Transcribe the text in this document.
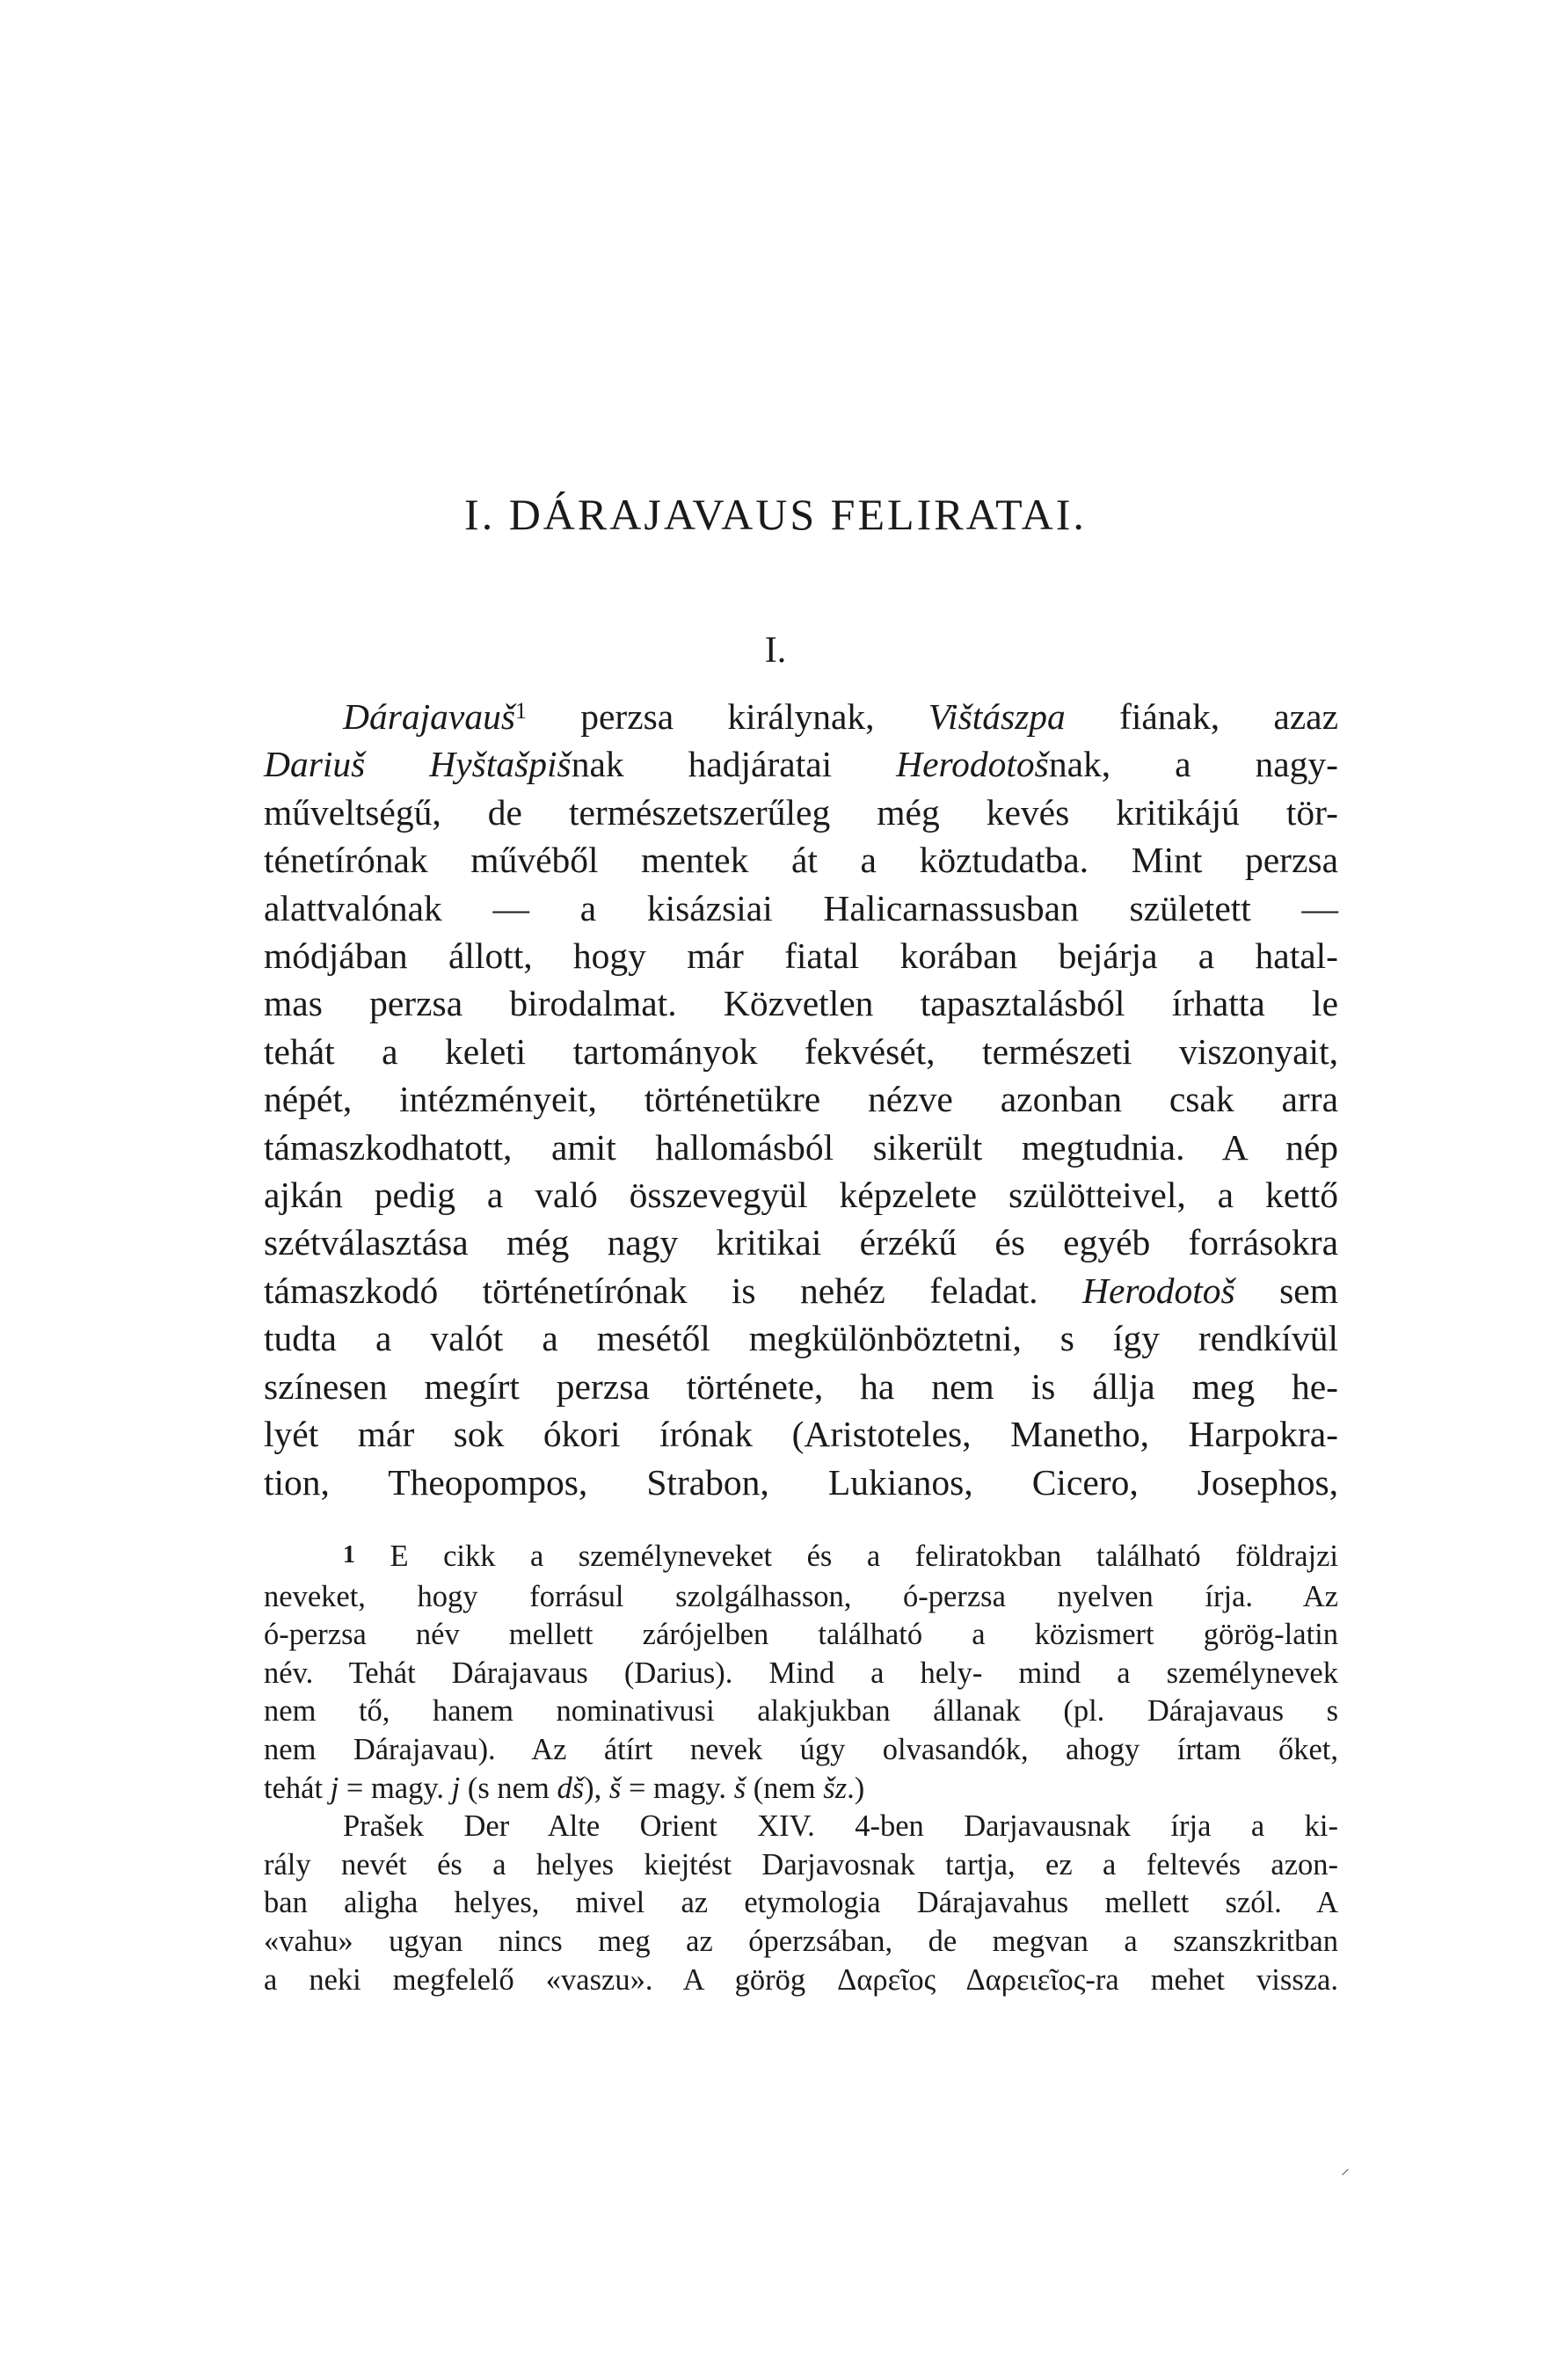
I. DÁRAJAVAUS FELIRATAI.
I.
Dárajavauš$^1$ perzsa királynak, Vištászpa fiának, azaz
Dariuš Hyštašpišnak hadjáratai Herodotošnak, a nagy-
műveltségű, de természetszerűleg még kevés kritikájú tör-
ténetírónak művéből mentek át a köztudatba. Mint perzsa
alattvalónak — a kisázsiai Halicarnassusban született —
módjában állott, hogy már fiatal korában bejárja a hatal-
mas perzsa birodalmat. Közvetlen tapasztalásból írhatta le
tehát a keleti tartományok fekvését, természeti viszonyait,
népét, intézményeit, történetükre nézve azonban csak arra
támaszkodhatott, amit hallomásból sikerült megtudnia. A nép
ajkán pedig a való összevegyül képzelete szülötteivel, a kettő
szétválasztása még nagy kritikai érzékű és egyéb forrásokra
támaszkodó történetírónak is nehéz feladat. Herodotoš sem
tudta a valót a mesétől megkülönböztetni, s így rendkívül
színesen megírt perzsa története, ha nem is állja meg he-
lyét már sok ókori írónak (Aristoteles, Manetho, Harpokra-
tion, Theopompos, Strabon, Lukianos, Cicero, Josephos,
1 E cikk a személyneveket és a feliratokban található földrajzi
neveket, hogy forrásul szolgálhasson, ó-perzsa nyelven írja. Az
ó-perzsa név mellett zárójelben található a közismert görög-latin
név. Tehát Dárajavaus (Darius). Mind a hely- mind a személynevek
nem tő, hanem nominativusi alakjukban állanak (pl. Dárajavaus s
nem Dárajavau). Az átírt nevek úgy olvasandók, ahogy írtam őket,
tehát j = magy. j (s nem dš), š = magy. š (nem šz.)
Prašek Der Alte Orient XIV. 4-ben Darjavausnak írja a ki-
rály nevét és a helyes kiejtést Darjavosnak tartja, ez a feltevés azon-
ban aligha helyes, mivel az etymologia Dárajavahus mellett szól. A
«vahu» ugyan nincs meg az óperzsában, de megvan a szanszkritban
a neki megfelelő «vaszu». A görög Δαρεῖος Δαρειεῖος-ra mehet vissza.
⸍
